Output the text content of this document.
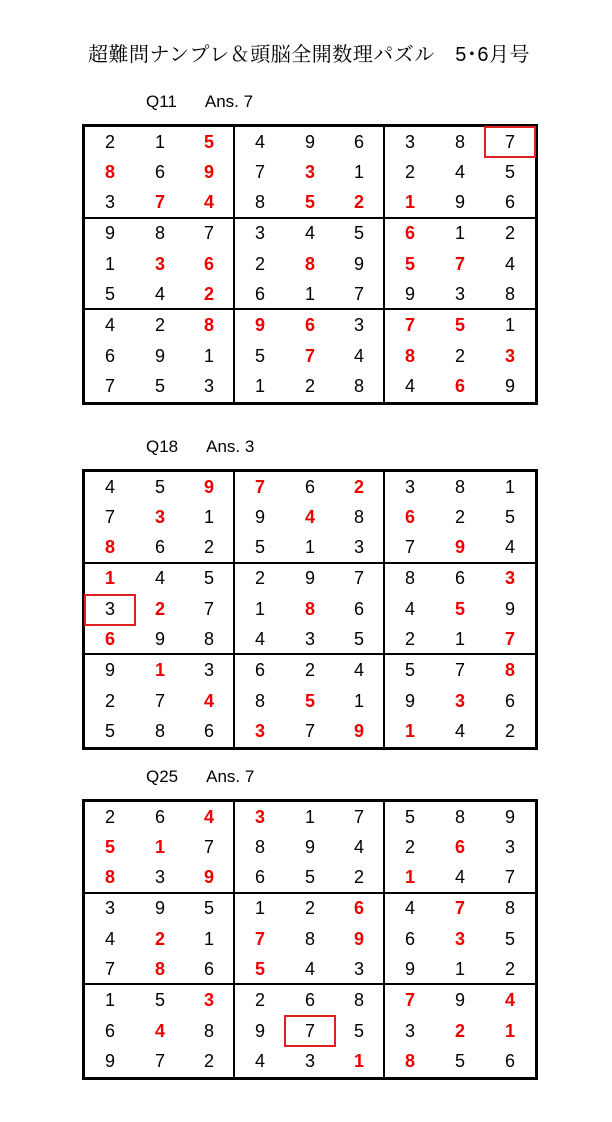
超難問ナンプレ＆頭脳全開数理パズル　5･6月号
Q11 Ans. 7
2	1	5	4	9	6	3	8	7
8	6	9	7	3	1	2	4	5
3	7	4	8	5	2	1	9	6
9	8	7	3	4	5	6	1	2
1	3	6	2	8	9	5	7	4
5	4	2	6	1	7	9	3	8
4	2	8	9	6	3	7	5	1
6	9	1	5	7	4	8	2	3
7	5	3	1	2	8	4	6	9
Q18 Ans. 3
4	5	9	7	6	2	3	8	1
7	3	1	9	4	8	6	2	5
8	6	2	5	1	3	7	9	4
1	4	5	2	9	7	8	6	3
3	2	7	1	8	6	4	5	9
6	9	8	4	3	5	2	1	7
9	1	3	6	2	4	5	7	8
2	7	4	8	5	1	9	3	6
5	8	6	3	7	9	1	4	2
Q25 Ans. 7
2	6	4	3	1	7	5	8	9
5	1	7	8	9	4	2	6	3
8	3	9	6	5	2	1	4	7
3	9	5	1	2	6	4	7	8
4	2	1	7	8	9	6	3	5
7	8	6	5	4	3	9	1	2
1	5	3	2	6	8	7	9	4
6	4	8	9	7	5	3	2	1
9	7	2	4	3	1	8	5	6
